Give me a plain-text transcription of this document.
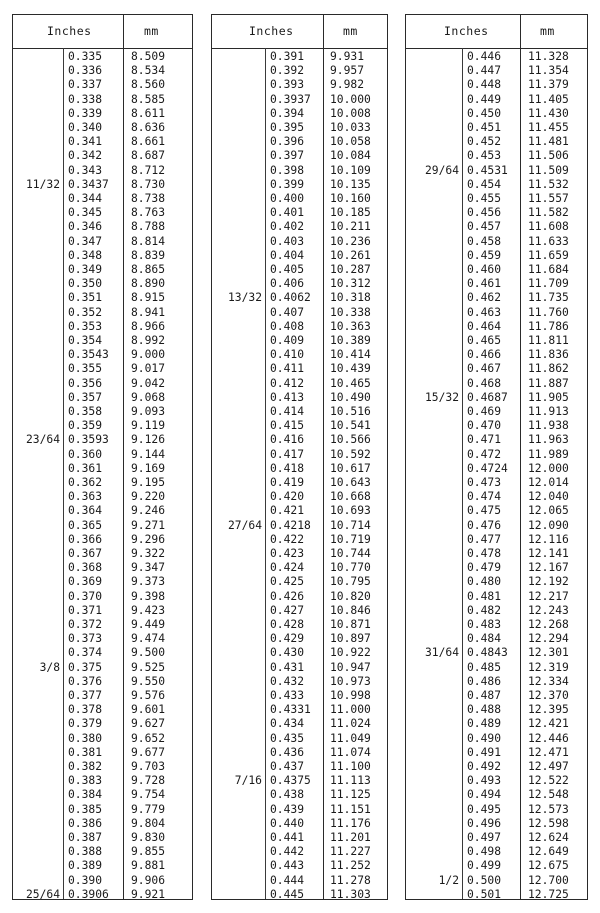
Inches	mm
0.335	8.509
0.336	8.534
0.337	8.560
0.338	8.585
0.339	8.611
0.340	8.636
0.341	8.661
0.342	8.687
0.343	8.712
11/32 0.3437 8.730
0.344	8.738
0.345	8.763
0.346	8.788
0.347	8.814
0.348	8.839
0.349	8.865
0.350	8.890
0.351	8.915
0.352	8.941
0.353	8.966
0.354	8.992
0.3543 9.000
0.355	9.017
0.356	9.042
0.357	9.068
0.358	9.093
0.359	9.119
23/64 0.3593 9.126
0.360	9.144
0.361	9.169
0.362	9.195
0.363	9.220
0.364	9.246
0.365	9.271
0.366	9.296
0.367	9.322
0.368	9.347
0.369	9.373
0.370	9.398
0.371	9.423
0.372	9.449
0.373	9.474
0.374	9.500
3/8 0.375	9.525
0.376	9.550
0.377	9.576
0.378	9.601
0.379	9.627
0.380	9.652
0.381	9.677
0.382	9.703
0.383	9.728
0.384	9.754
0.385	9.779
0.386	9.804
0.387	9.830
0.388	9.855
0.389	9.881
0.390	9.906
25/64 0.3906 9.921
Inches	mm
0.391 9.931
0.392 9.957
0.393 9.982
0.3937 10.000
0.394 10.008
0.395 10.033
0.396 10.058
0.397 10.084
0.398 10.109
0.399 10.135
0.400 10.160
0.401 10.185
0.402 10.211
0.403 10.236
0.404 10.261
0.405 10.287
0.406 10.312
13/32 0.4062 10.318
0.407 10.338
0.408 10.363
0.409 10.389
0.410 10.414
0.411 10.439
0.412 10.465
0.413 10.490
0.414 10.516
0.415 10.541
0.416 10.566
0.417 10.592
0.418 10.617
0.419 10.643
0.420 10.668
0.421 10.693
27/64 0.4218 10.714
0.422 10.719
0.423 10.744
0.424 10.770
0.425 10.795
0.426 10.820
0.427 10.846
0.428 10.871
0.429 10.897
0.430 10.922
0.431 10.947
0.432 10.973
0.433 10.998
0.4331 11.000
0.434 11.024
0.435 11.049
0.436 11.074
0.437 11.100
7/16 0.4375 11.113
0.438 11.125
0.439 11.151
0.440 11.176
0.441 11.201
0.442 11.227
0.443 11.252
0.444 11.278
0.445 11.303
Inches	mm
0.446 11.328
0.447 11.354
0.448 11.379
0.449 11.405
0.450 11.430
0.451 11.455
0.452 11.481
0.453 11.506
29/64 0.4531 11.509
0.454 11.532
0.455 11.557
0.456 11.582
0.457 11.608
0.458 11.633
0.459 11.659
0.460 11.684
0.461 11.709
0.462 11.735
0.463 11.760
0.464 11.786
0.465 11.811
0.466 11.836
0.467 11.862
0.468 11.887
15/32 0.4687 11.905
0.469 11.913
0.470 11.938
0.471 11.963
0.472 11.989
0.4724 12.000
0.473 12.014
0.474 12.040
0.475 12.065
0.476 12.090
0.477 12.116
0.478 12.141
0.479 12.167
0.480 12.192
0.481 12.217
0.482 12.243
0.483 12.268
0.484 12.294
31/64 0.4843 12.301
0.485 12.319
0.486 12.334
0.487 12.370
0.488 12.395
0.489 12.421
0.490 12.446
0.491 12.471
0.492 12.497
0.493 12.522
0.494 12.548
0.495 12.573
0.496 12.598
0.497 12.624
0.498 12.649
0.499 12.675
1/2 0.500 12.700
0.501 12.725
